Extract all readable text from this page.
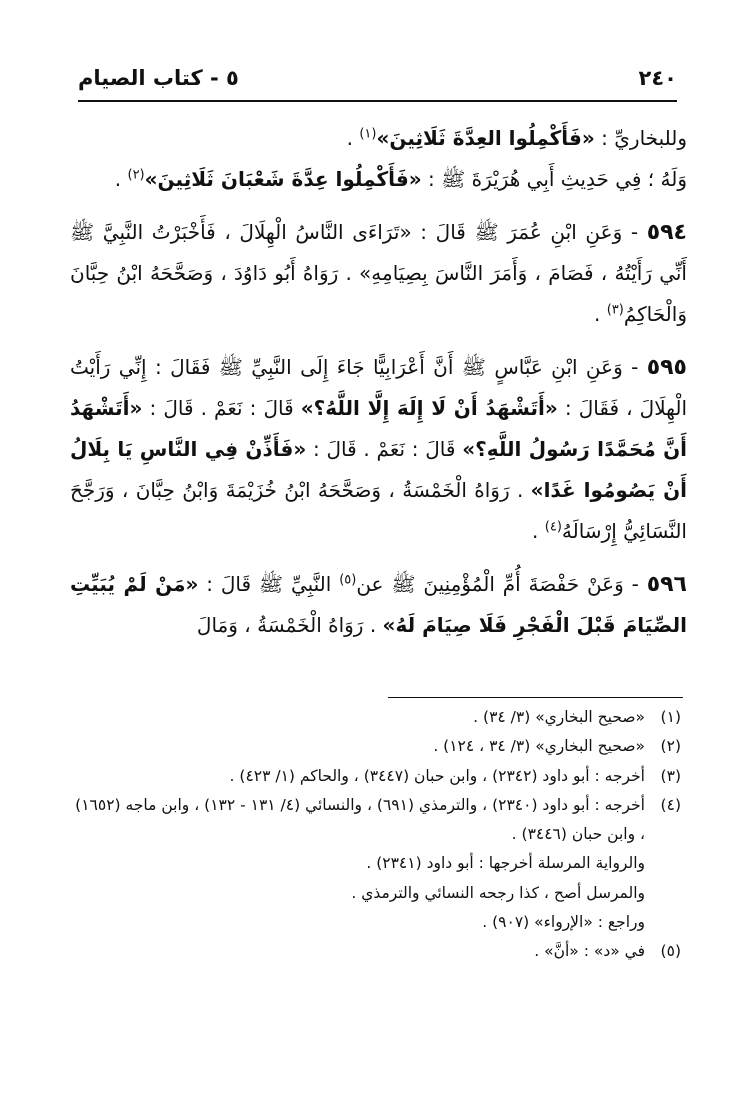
٢٤٠
٥ - كتاب الصيام

وللبخاريِّ : «فَأَكْمِلُوا العِدَّةَ ثَلَاثِينَ»$^{(١)}$ .

وَلَهُ ؛ فِي حَدِيثِ أَبِي هُرَيْرَةَ ﷺ : «فَأَكْمِلُوا عِدَّةَ شَعْبَانَ ثَلَاثِينَ»$^{(٢)}$ .

٥٩٤ - وَعَنِ ابْنِ عُمَرَ ﷺ قَالَ : «تَرَاءَى النَّاسُ الْهِلَالَ ، فَأَخْبَرْتُ النَّبِيَّ ﷺ أَنِّي رَأَيْتُهُ ، فَصَامَ ، وَأَمَرَ النَّاسَ بِصِيَامِهِ» . رَوَاهُ أَبُو دَاوُدَ ، وَصَحَّحَهُ ابْنُ حِبَّانَ وَالْحَاكِمُ$^{(٣)}$ .

٥٩٥ - وَعَنِ ابْنِ عَبَّاسٍ ﷺ أَنَّ أَعْرَابِيًّا جَاءَ إِلَى النَّبِيِّ ﷺ فَقَالَ : إِنِّي رَأَيْتُ الْهِلَالَ ، فَقَالَ : «أَتَشْهَدُ أَنْ لَا إِلَهَ إِلَّا اللَّهُ؟» قَالَ : نَعَمْ . قَالَ : «أَتَشْهَدُ أَنَّ مُحَمَّدًا رَسُولُ اللَّهِ؟» قَالَ : نَعَمْ . قَالَ : «فَأَذِّنْ فِي النَّاسِ يَا بِلَالُ أَنْ يَصُومُوا غَدًا» . رَوَاهُ الْخَمْسَةُ ، وَصَحَّحَهُ ابْنُ خُزَيْمَةَ وَابْنُ حِبَّانَ ، وَرَجَّحَ النَّسَائِيُّ إِرْسَالَهُ$^{(٤)}$ .

٥٩٦ - وَعَنْ حَفْصَةَ أُمِّ الْمُؤْمِنِينَ ﷺ عن$^{(٥)}$ النَّبِيِّ ﷺ قَالَ : «مَنْ لَمْ يُبَيِّتِ الصِّيَامَ قَبْلَ الْفَجْرِ فَلَا صِيَامَ لَهُ» . رَوَاهُ الْخَمْسَةُ ، وَمَالَ

(١)
«صحيح البخاري» (٣/ ٣٤) .
(٢)
«صحيح البخاري» (٣/ ٣٤ ، ١٢٤) .
(٣)
أخرجه : أبو داود (٢٣٤٢) ، وابن حبان (٣٤٤٧) ، والحاكم (١/ ٤٢٣) .
(٤)
أخرجه : أبو داود (٢٣٤٠) ، والترمذي (٦٩١) ، والنسائي (٤/ ١٣١ - ١٣٢) ، وابن ماجه (١٦٥٢) ، وابن حبان (٣٤٤٦) .
والرواية المرسلة أخرجها : أبو داود (٢٣٤١) .
والمرسل أصح ، كذا رجحه النسائي والترمذي .
وراجع : «الإرواء» (٩٠٧) .
(٥)
في «د» : «أنَّ» .
